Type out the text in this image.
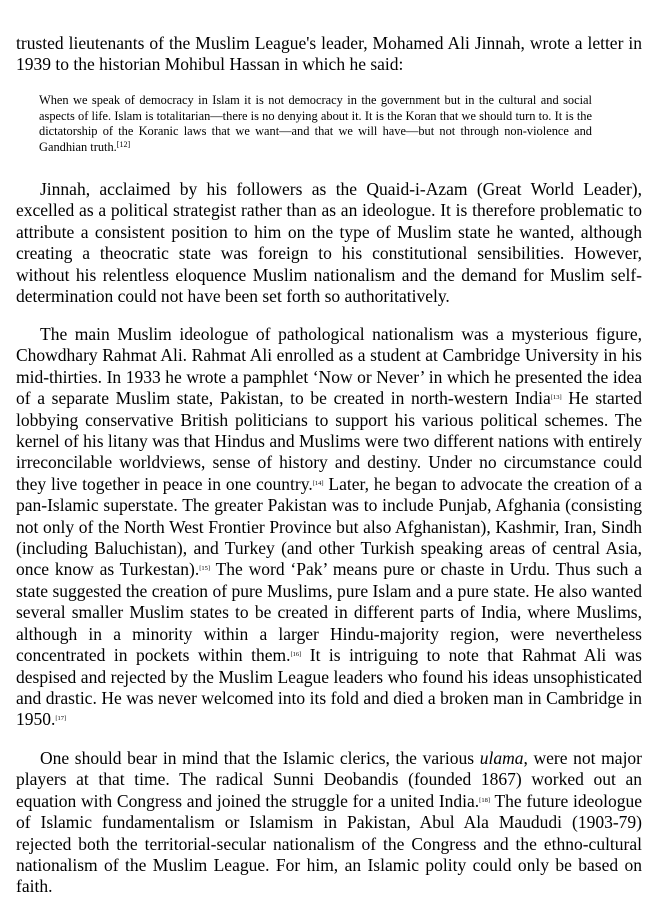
trusted lieutenants of the Muslim League's leader, Mohamed Ali Jinnah, wrote a letter in 1939 to the historian Mohibul Hassan in which he said:

When we speak of democracy in Islam it is not democracy in the government but in the cultural and social aspects of life. Islam is totalitarian—there is no denying about it. It is the Koran that we should turn to. It is the dictatorship of the Koranic laws that we want—and that we will have—but not through non-violence and Gandhian truth.[12]

Jinnah, acclaimed by his followers as the Quaid-i-Azam (Great World Leader), excelled as a political strategist rather than as an ideologue. It is therefore problematic to attribute a consistent position to him on the type of Muslim state he wanted, although creating a theocratic state was foreign to his constitutional sensibilities. However, without his relentless eloquence Muslim nationalism and the demand for Muslim self-determination could not have been set forth so authoritatively.

The main Muslim ideologue of pathological nationalism was a mysterious figure, Chowdhary Rahmat Ali. Rahmat Ali enrolled as a student at Cambridge University in his mid-thirties. In 1933 he wrote a pamphlet ‘Now or Never’ in which he presented the idea of a separate Muslim state, Pakistan, to be created in north-western India[13] He started lobbying conservative British politicians to support his various political schemes. The kernel of his litany was that Hindus and Muslims were two different nations with entirely irreconcilable worldviews, sense of history and destiny. Under no circumstance could they live together in peace in one country.[14] Later, he began to advocate the creation of a pan-Islamic superstate. The greater Pakistan was to include Punjab, Afghania (consisting not only of the North West Frontier Province but also Afghanistan), Kashmir, Iran, Sindh (including Baluchistan), and Turkey (and other Turkish speaking areas of central Asia, once know as Turkestan).[15] The word ‘Pak’ means pure or chaste in Urdu. Thus such a state suggested the creation of pure Muslims, pure Islam and a pure state. He also wanted several smaller Muslim states to be created in different parts of India, where Muslims, although in a minority within a larger Hindu-majority region, were nevertheless concentrated in pockets within them.[16] It is intriguing to note that Rahmat Ali was despised and rejected by the Muslim League leaders who found his ideas unsophisticated and drastic. He was never welcomed into its fold and died a broken man in Cambridge in 1950.[17]

One should bear in mind that the Islamic clerics, the various ulama, were not major players at that time. The radical Sunni Deobandis (founded 1867) worked out an equation with Congress and joined the struggle for a united India.[18] The future ideologue of Islamic fundamentalism or Islamism in Pakistan, Abul Ala Maududi (1903-79) rejected both the territorial-secular nationalism of the Congress and the ethno-cultural nationalism of the Muslim League. For him, an Islamic polity could only be based on faith.
